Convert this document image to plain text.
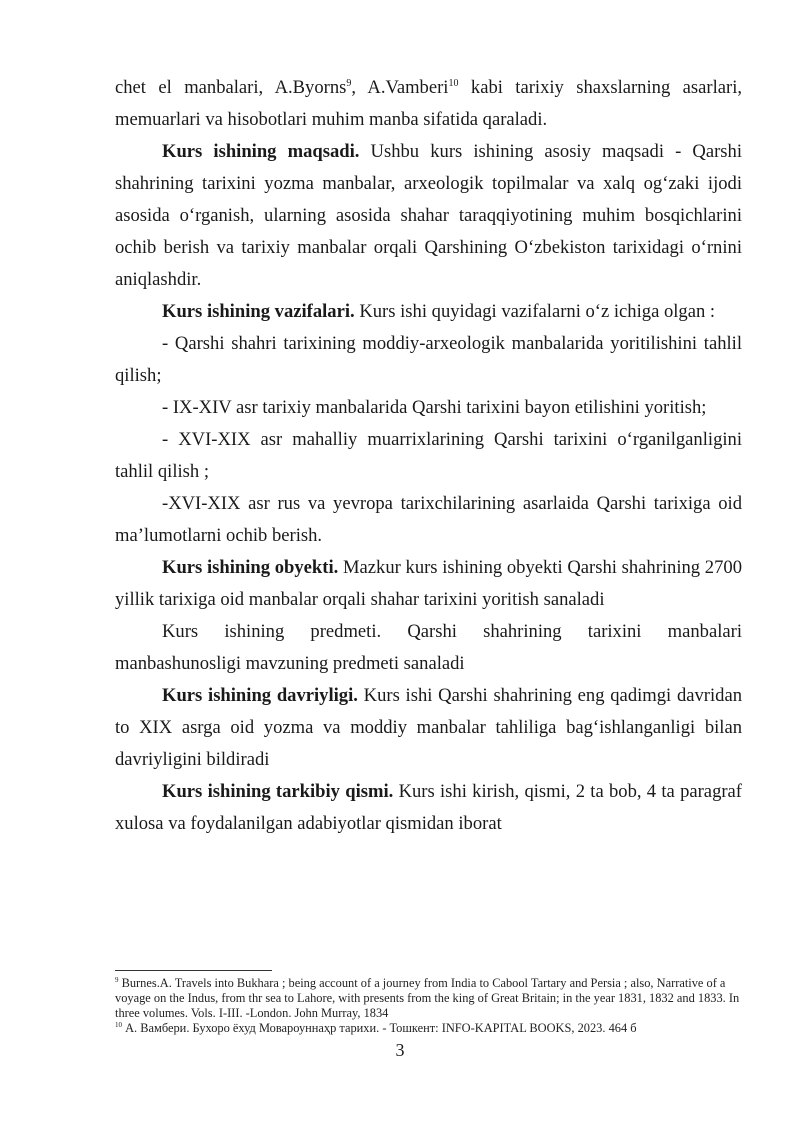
chet el manbalari, A.Byorns$^9$, A.Vamberi$^{10}$ kabi tarixiy shaxslarning asarlari, memuarlari va hisobotlari muhim manba sifatida qaraladi.

Kurs ishining maqsadi. Ushbu kurs ishining asosiy maqsadi - Qarshi shahrining tarixini yozma manbalar, arxeologik topilmalar va xalq og‘zaki ijodi asosida o‘rganish, ularning asosida shahar taraqqiyotining muhim bosqichlarini ochib berish va tarixiy manbalar orqali Qarshining O‘zbekiston tarixidagi o‘rnini aniqlashdir.

Kurs ishining vazifalari. Kurs ishi quyidagi vazifalarni o‘z ichiga olgan :

- Qarshi shahri tarixining moddiy-arxeologik manbalarida yoritilishini tahlil qilish;

- IX-XIV asr tarixiy manbalarida Qarshi tarixini bayon etilishini yoritish;

- XVI-XIX asr mahalliy muarrixlarining Qarshi tarixini o‘rganilganligini tahlil qilish ;

-XVI-XIX asr rus va yevropa tarixchilarining asarlaida Qarshi tarixiga oid ma’lumotlarni ochib berish.

Kurs ishining obyekti. Mazkur kurs ishining obyekti Qarshi shahrining 2700 yillik tarixiga oid manbalar orqali shahar tarixini yoritish sanaladi

Kurs ishining predmeti. Qarshi shahrining tarixini manbalari manbashunosligi mavzuning predmeti sanaladi

Kurs ishining davriyligi. Kurs ishi Qarshi shahrining eng qadimgi davridan to XIX asrga oid yozma va moddiy manbalar tahliliga bag‘ishlanganligi bilan davriyligini bildiradi

Kurs ishining tarkibiy qismi. Kurs ishi kirish, qismi, 2 ta bob, 4 ta paragraf xulosa va foydalanilgan adabiyotlar qismidan iborat

$^9$ Burnes.A. Travels into Bukhara ; being account of a journey from India to Cabool Tartary and Persia ; also, Narrative of a voyage on the Indus, from thr sea to Lahore, with presents from the king of Great Britain; in the year 1831, 1832 and 1833. In three volumes. Vols. I-III. -London. John Murray, 1834

$^{10}$ А. Вамбери. Бухоро ёхуд Мовароуннаҳр тарихи. - Тошкент: INFO-KAPITAL BOOKS, 2023. 464 б

3
